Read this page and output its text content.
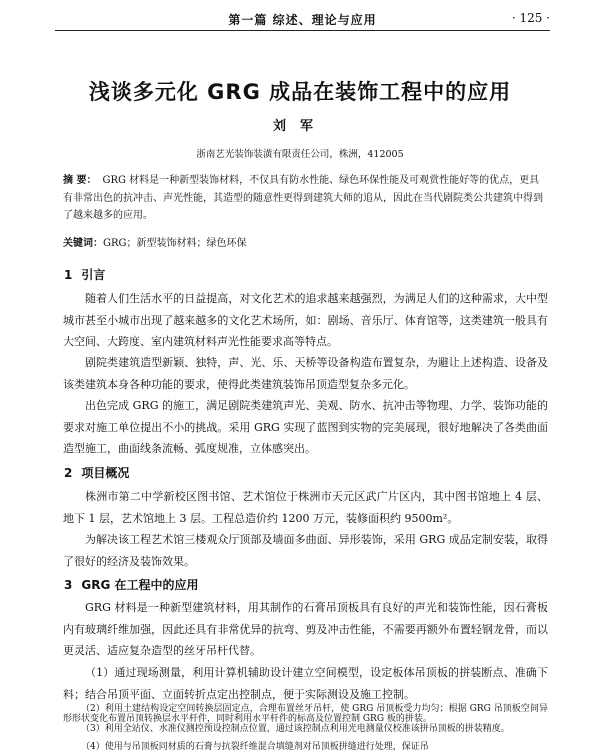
第一篇 综述、理论与应用	· 125 ·
浅谈多元化 GRG 成品在装饰工程中的应用
刘军
浙南艺光装饰装潢有限责任公司，株洲，412005
摘 要： GRG 材料是一种新型装饰材料，不仅具有防水性能、绿色环保性能及可观赏性能好等的优点，更具有非常出色的抗冲击、声光性能，其造型的随意性更得到建筑大师的追从，因此在当代剧院类公共建筑中得到了越来越多的应用。
关键词：GRG；新型装饰材料；绿色环保
1 引言
随着人们生活水平的日益提高，对文化艺术的追求越来越强烈，为满足人们的这种需求，大中型城市甚至小城市出现了越来越多的文化艺术场所，如：剧场、音乐厅、体育馆等，这类建筑一般具有大空间、大跨度、室内建筑材料声光性能要求高等特点。
剧院类建筑造型新颖、独特，声、光、乐、天桥等设备构造布置复杂，为避让上述构造、设备及该类建筑本身各种功能的要求，使得此类建筑装饰吊顶造型复杂多元化。
出色完成 GRG 的施工，满足剧院类建筑声光、美观、防水、抗冲击等物理、力学、装饰功能的要求对施工单位提出不小的挑战。采用 GRG 实现了蓝图到实物的完美展现，很好地解决了各类曲面造型施工，曲面线条流畅、弧度规准，立体感突出。
2 项目概况
株洲市第二中学新校区图书馆、艺术馆位于株洲市天元区武广片区内，其中图书馆地上 4 层、地下 1 层，艺术馆地上 3 层。工程总造价约 1200 万元，装修面积约 9500m²。
为解决该工程艺术馆三楼观众厅顶部及墙面多曲面、异形装饰，采用 GRG 成品定制安装，取得了很好的经济及装饰效果。
3 GRG 在工程中的应用
GRG 材料是一种新型建筑材料，用其制作的石膏吊顶板具有良好的声光和装饰性能，因石膏板内有玻璃纤维加强，因此还具有非常优异的抗弯、剪及冲击性能，不需要再额外布置轻钢龙骨，而以更灵活、适应复杂造型的丝牙吊杆代替。
（1）通过现场测量，利用计算机辅助设计建立空间模型，设定板体吊顶板的拼装断点、准确下料；结合吊顶平面、立面转折点定出控制点，便于实际测设及施工控制。
（2）利用土建结构设定空间转换层固定点，合理布置丝牙吊杆，使 GRG 吊顶板受力均匀；根据 GRG 吊顶板空间异形形状变化布置吊顶转换层水平杆件，同时利用水平杆件的标高及位置控制 GRG 板的拼装。
（3）利用全站仪、水准仪测控预设控制点位置，通过该控制点利用光电测量仪校准该拼吊顶板的拼装精度。
（4）使用与吊顶板同材质的石膏与抗裂纤维混合填缝剂对吊顶板拼缝进行处理，保证吊
